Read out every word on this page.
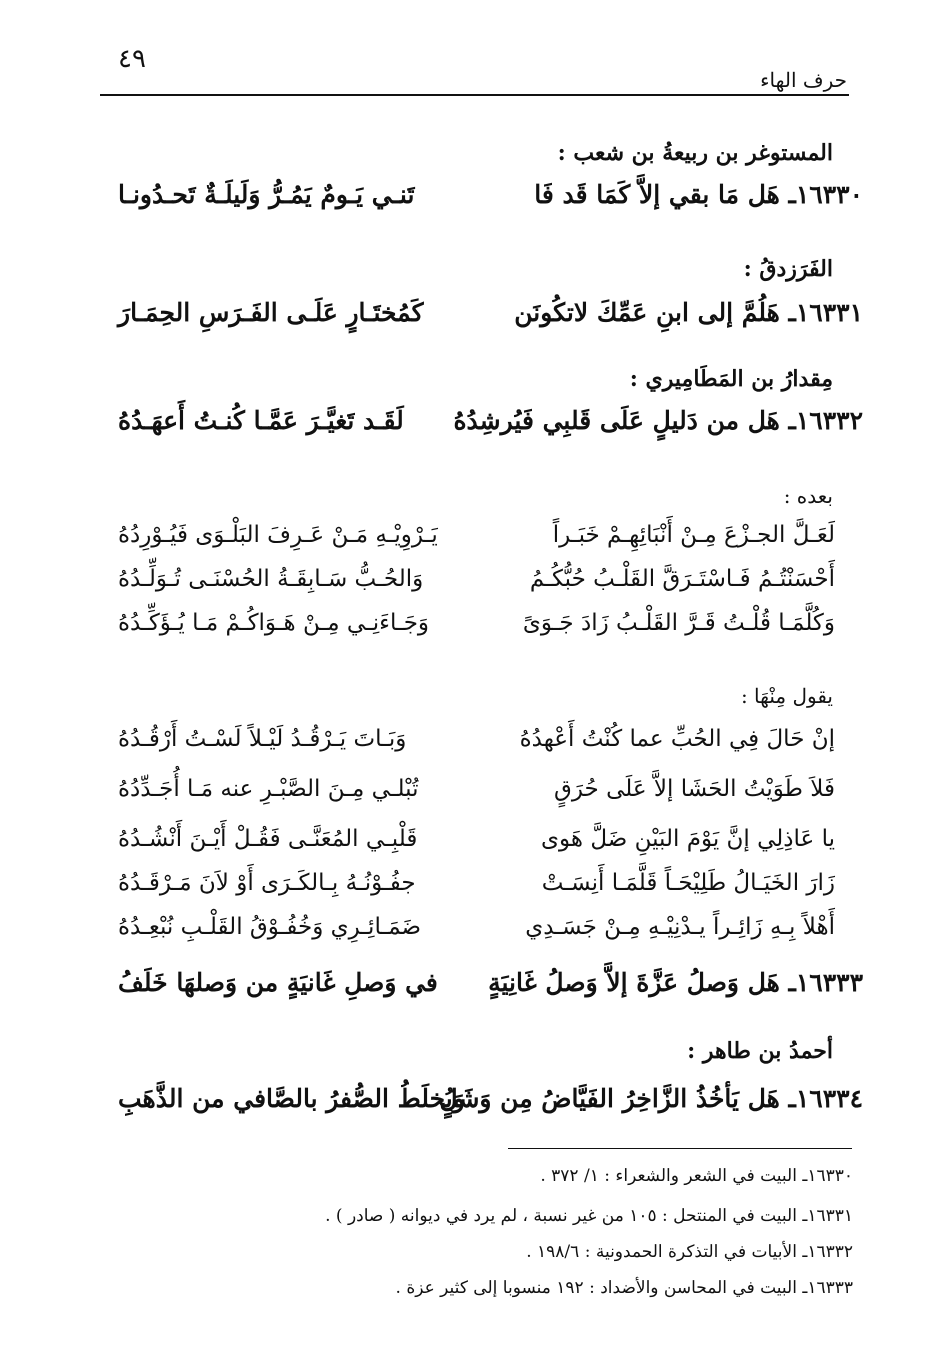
٤٩
حرف الهاء
المستوغر بن ربيعةُ بن شعب :
١٦٣٣٠ـ هَل مَا بقي إلاَّ كَمَا قَد فَا
تَنـي يَـومٌ يَمُـرُّ وَلَيلَـةٌ تَحـدُونـا
الفَرَزدقُ :
١٦٣٣١ـ هَلُمَّ إلى ابنِ عَمِّكَ لاتكُونَن
كَمُختَـارٍ عَلَـى الفَـرَسِ الحِمَـارَ
مِقدارُ بن المَطَامِيري :
١٦٣٣٢ـ هَل من دَليلٍ عَلَى قَلبِي فَيُرشِدُهُ
لَقَـد تَغيَّـرَ عَمَّـا كُنـتُ أَعهَـدُهُ
بعده :
لَعَـلَّ الجـزْعَ مِـنْ أَنْبَائِهِـمْ خَبَـراً
يَـرْوِيْـهِ مَـنْ عَـرِفَ البَلْـوَى فَيُـوْرِدُهُ
أَحْسَنْتُـمُ فَـاسْتَـرَقَّ القَلْـبُ حُبُّكُـمُ
وَالحُـبُّ سَـابِقَـةُ الحُسْنَـى تُـوَلِّـدُهُ
وَكُلَّمَـا قُلْـتُ قَـرَّ القَلْـبُ زَادَ جَـوَىً
وَجَـاءَنِـي مِـنْ هَـوَاكُـمْ مَـا يُـؤَكِّـدُهُ
يقول مِنْهَا :
إنْ حَالَ فِي الحُبِّ عما كُنْتُ أَعْهدُهُ
وَبَـاتَ يَـرْقُـدُ لَيْـلاً لَسْـتُ أَرْقُـدُهُ
فَلاَ طَوَيْتُ الحَشَا إلاَّ عَلَى حُرَقٍ
تُبْلـي مِـنَ الصَّبْـرِ عنه مَـا أُجَـدِّدُهُ
يا عَاذِلِي إنَّ يَوْمَ البَيْنِ ضَلَّ هَوى
قَلْبِـي المُعَنَّـى فَقُـلْ أَيْـنَ أَنْشُـدُهُ
زَارَ الخَيَـالُ طَلِيْحَـاً قَلَّمَـا أَنِسَـتْ
جفُـوْنُـهُ بِـالكَـرَى أَوْ لاَنَ مَـرْقَـدُهُ
أَهْلاً بِـهِ زَائِـراً يـدْنِيْـهِ مِـنْ جَسَـدِي
ضَمَـائِـرِي وَخُفُـوْقُ القَلْـبِ نُبْعِـدُهُ
١٦٣٣٣ـ هَل وَصلُ عَزَّةَ إلاَّ وَصلُ غَانِيَةٍ
في وَصلِ غَانيَةٍ من وَصلهَا خَلَفُ
أحمدُ بن طاهر :
١٦٣٣٤ـ هَل يَأخُذُ الزَّاخِرُ الفَيَّاضُ مِن وَشَلٍ
وَيُخلَطُ الصُّفرُ بالصَّافي من الذَّهَبِ
١٦٣٣٠ـ البيت في الشعر والشعراء : ١/ ٣٧٢ .
١٦٣٣١ـ البيت في المنتحل : ١٠٥ من غير نسبة ، لم يرد في ديوانه ( صادر ) .
١٦٣٣٢ـ الأبيات في التذكرة الحمدونية : ١٩٨/٦ .
١٦٣٣٣ـ البيت في المحاسن والأضداد : ١٩٢ منسوبا إلى كثير عزة .
